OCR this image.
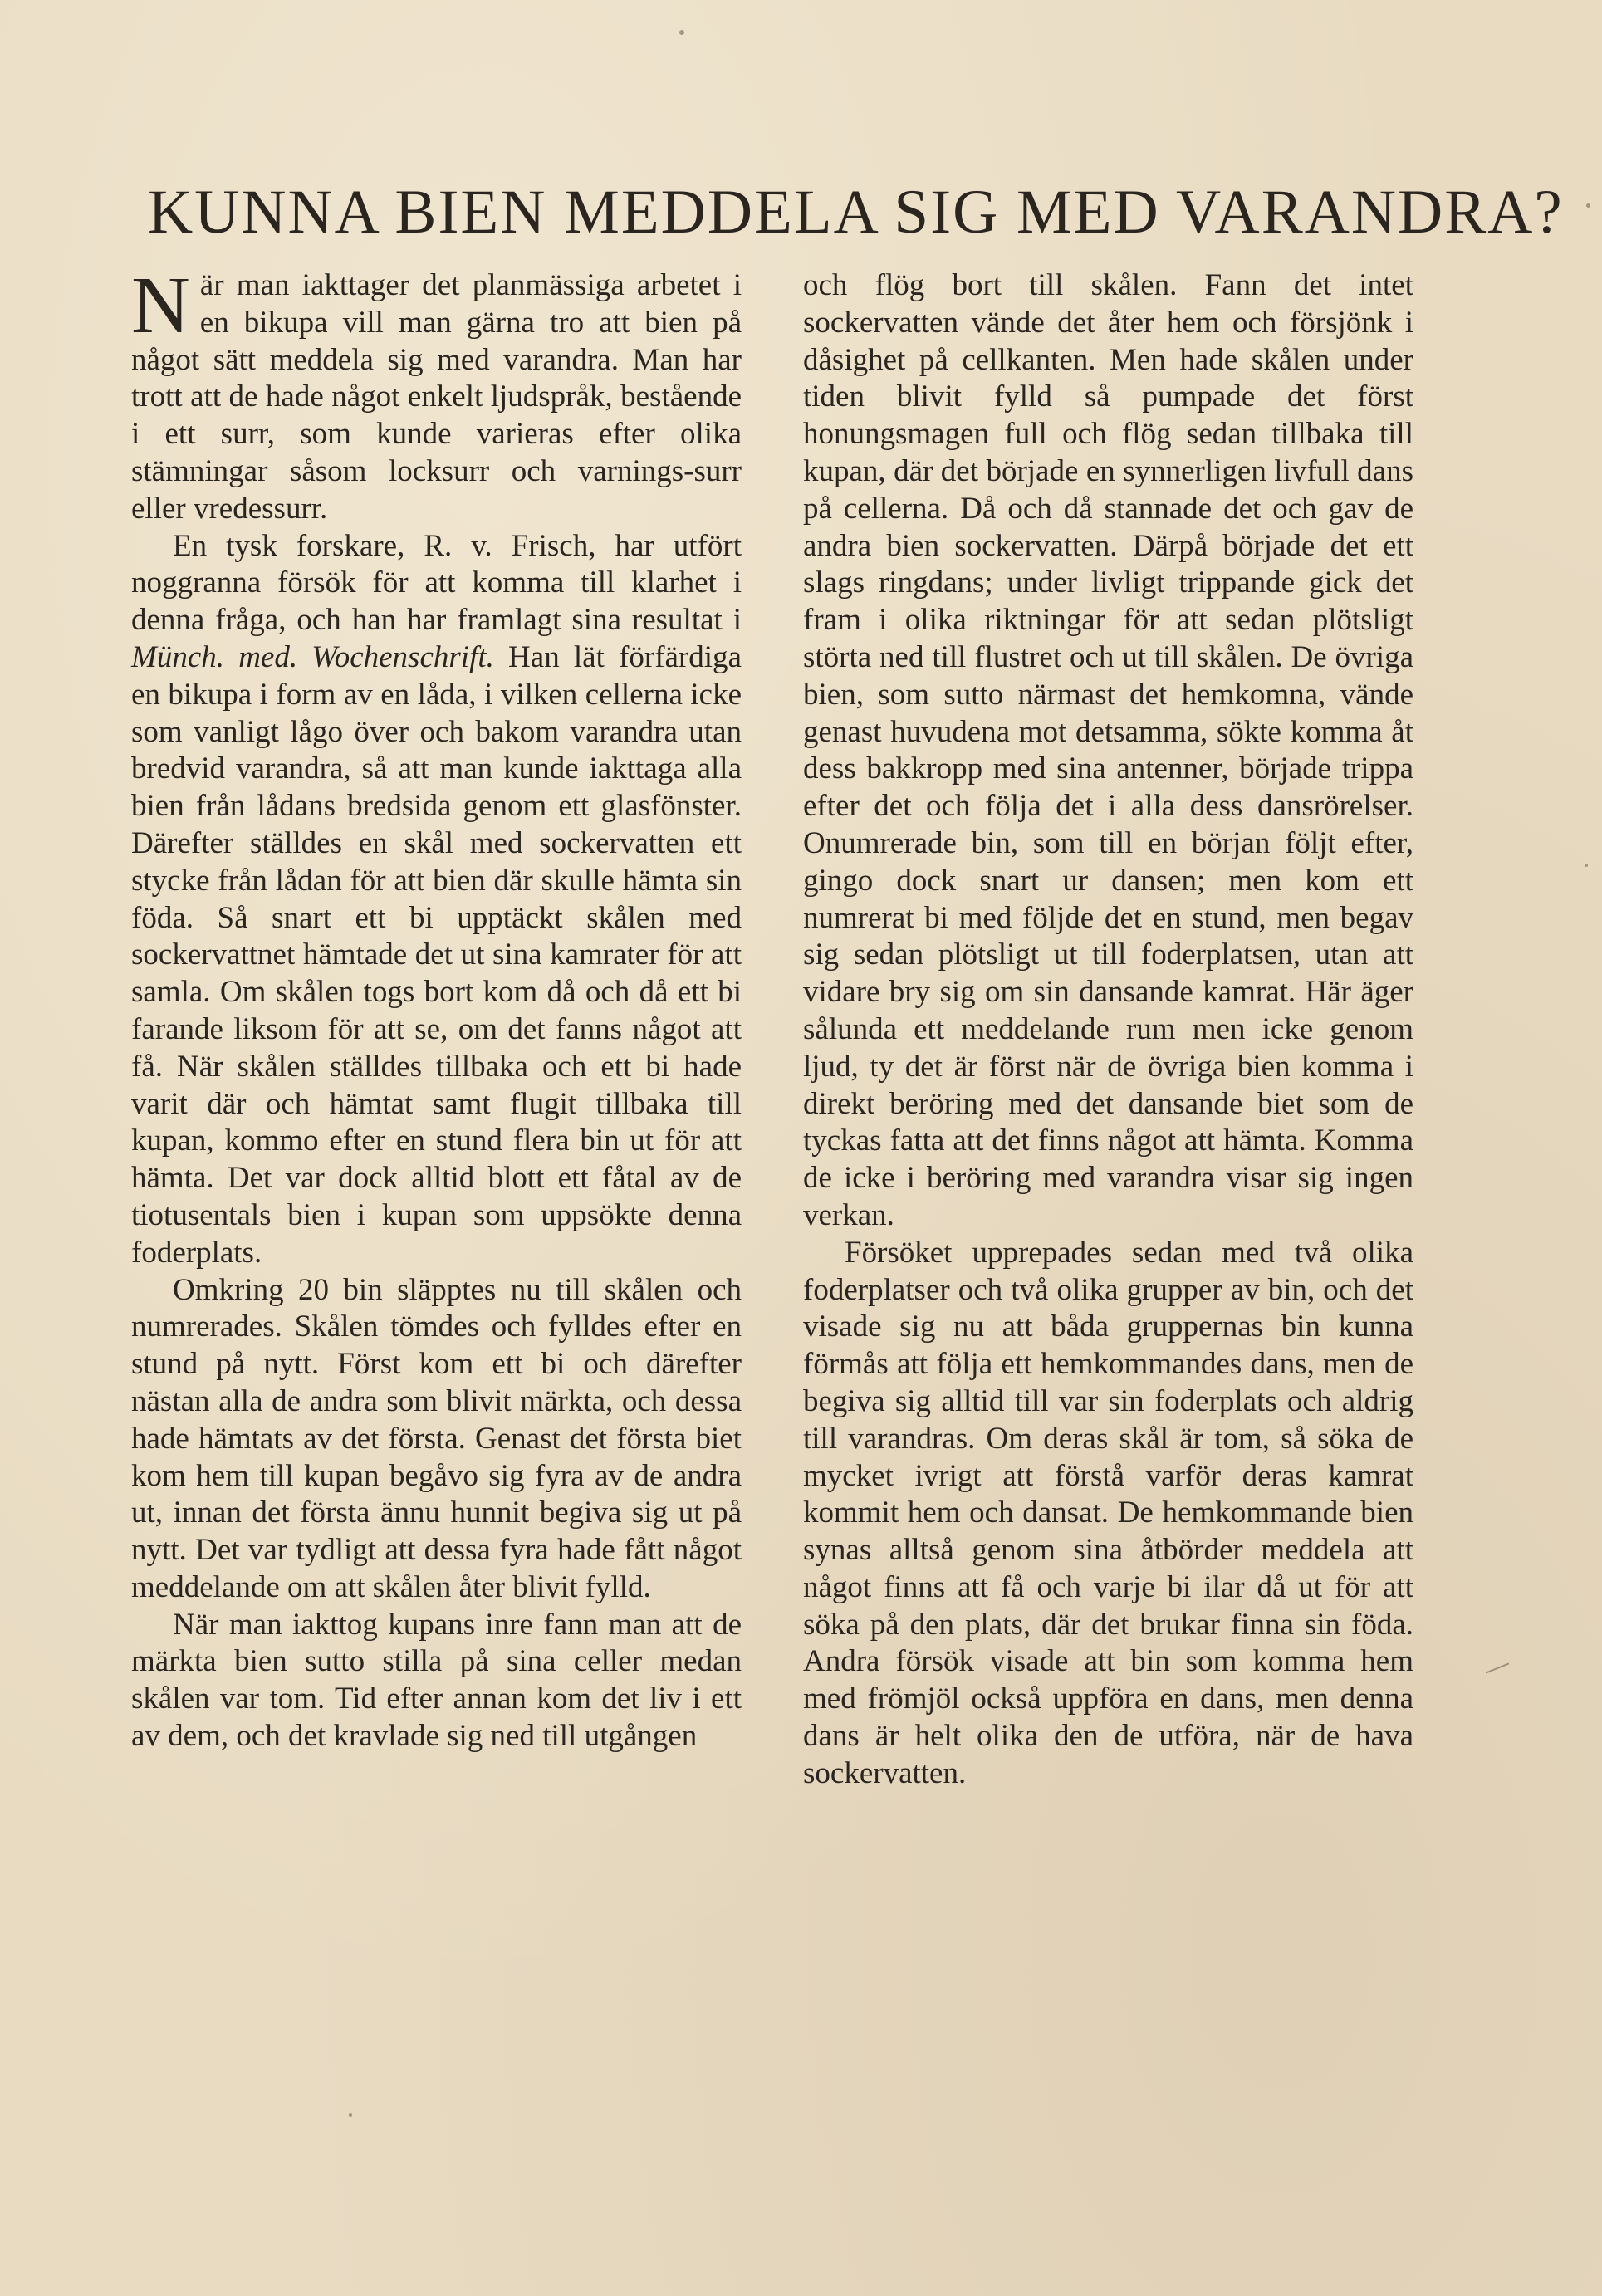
KUNNA BIEN MEDDELA SIG MED VARANDRA?

När man iakttager det planmässiga arbetet i en bikupa vill man gärna tro att bien på något sätt meddela sig med varandra. Man har trott att de hade något enkelt ljudspråk, bestående i ett surr, som kunde varieras efter olika stämningar såsom locksurr och varnings-surr eller vredessurr.

En tysk forskare, R. v. Frisch, har utfört noggranna försök för att komma till klarhet i denna fråga, och han har framlagt sina resultat i Münch. med. Wochenschrift. Han lät förfärdiga en bikupa i form av en låda, i vilken cellerna icke som vanligt lågo över och bakom varandra utan bredvid varandra, så att man kunde iakttaga alla bien från lådans bredsida genom ett glasfönster. Därefter ställdes en skål med sockervatten ett stycke från lådan för att bien där skulle hämta sin föda. Så snart ett bi upptäckt skålen med sockervattnet hämtade det ut sina kamrater för att samla. Om skålen togs bort kom då och då ett bi farande liksom för att se, om det fanns något att få. När skålen ställdes tillbaka och ett bi hade varit där och hämtat samt flugit tillbaka till kupan, kommo efter en stund flera bin ut för att hämta. Det var dock alltid blott ett fåtal av de tiotusentals bien i kupan som uppsökte denna foderplats.

Omkring 20 bin släpptes nu till skålen och numrerades. Skålen tömdes och fylldes efter en stund på nytt. Först kom ett bi och därefter nästan alla de andra som blivit märkta, och dessa hade hämtats av det första. Genast det första biet kom hem till kupan begåvo sig fyra av de andra ut, innan det första ännu hunnit begiva sig ut på nytt. Det var tydligt att dessa fyra hade fått något meddelande om att skålen åter blivit fylld.

När man iakttog kupans inre fann man att de märkta bien sutto stilla på sina celler medan skålen var tom. Tid efter annan kom det liv i ett av dem, och det kravlade sig ned till utgången

och flög bort till skålen. Fann det intet sockervatten vände det åter hem och försjönk i dåsighet på cellkanten. Men hade skålen under tiden blivit fylld så pumpade det först honungsmagen full och flög sedan tillbaka till kupan, där det började en synnerligen livfull dans på cellerna. Då och då stannade det och gav de andra bien sockervatten. Därpå började det ett slags ringdans; under livligt trippande gick det fram i olika riktningar för att sedan plötsligt störta ned till flustret och ut till skålen. De övriga bien, som sutto närmast det hemkomna, vände genast huvudena mot detsamma, sökte komma åt dess bakkropp med sina antenner, började trippa efter det och följa det i alla dess dansrörelser. Onumrerade bin, som till en början följt efter, gingo dock snart ur dansen; men kom ett numrerat bi med följde det en stund, men begav sig sedan plötsligt ut till foderplatsen, utan att vidare bry sig om sin dansande kamrat. Här äger sålunda ett meddelande rum men icke genom ljud, ty det är först när de övriga bien komma i direkt beröring med det dansande biet som de tyckas fatta att det finns något att hämta. Komma de icke i beröring med varandra visar sig ingen verkan.

Försöket upprepades sedan med två olika foderplatser och två olika grupper av bin, och det visade sig nu att båda gruppernas bin kunna förmås att följa ett hemkommandes dans, men de begiva sig alltid till var sin foderplats och aldrig till varandras. Om deras skål är tom, så söka de mycket ivrigt att förstå varför deras kamrat kommit hem och dansat. De hemkommande bien synas alltså genom sina åtbörder meddela att något finns att få och varje bi ilar då ut för att söka på den plats, där det brukar finna sin föda. Andra försök visade att bin som komma hem med frömjöl också uppföra en dans, men denna dans är helt olika den de utföra, när de hava sockervatten.
